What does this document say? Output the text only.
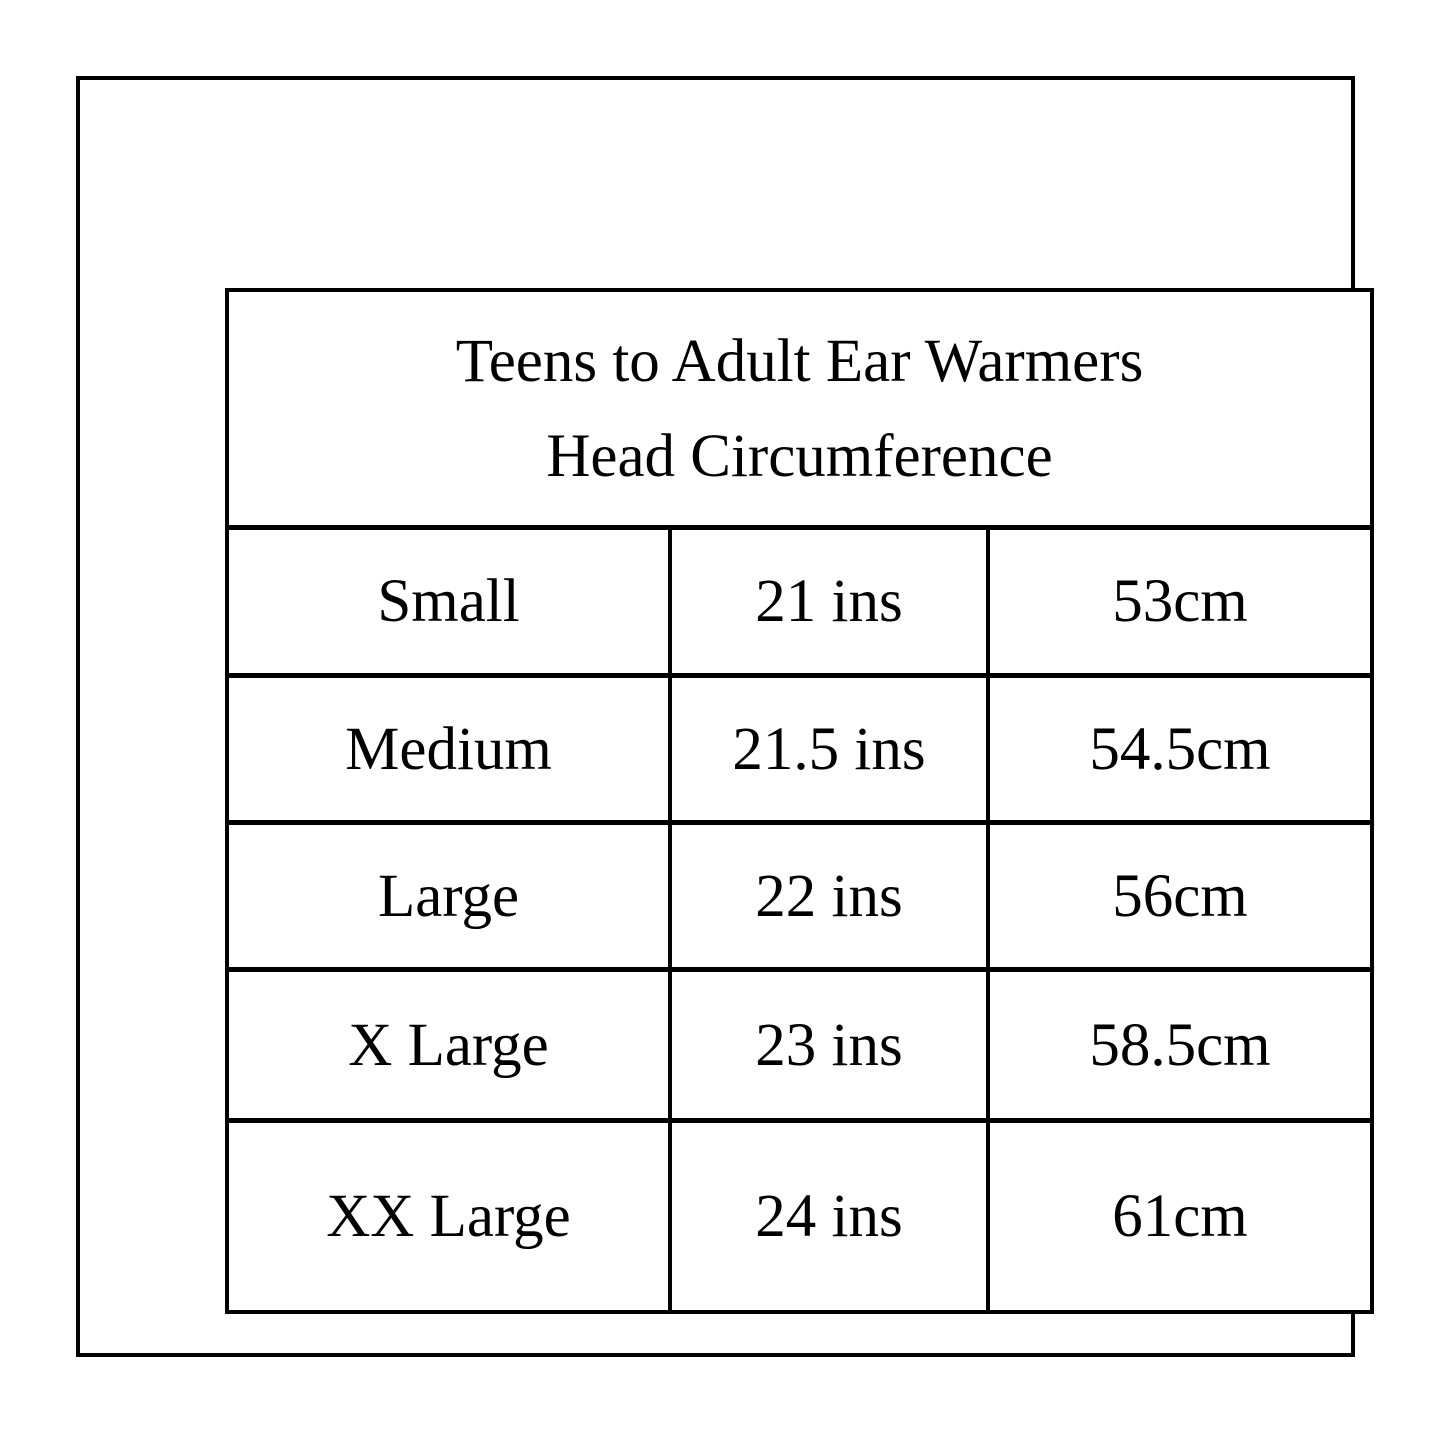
Teens to Adult Ear Warmers
Head Circumference
Small	21 ins	53cm
Medium	21.5 ins	54.5cm
Large	22 ins	56cm
X Large	23 ins	58.5cm
XX Large	24 ins	61cm
